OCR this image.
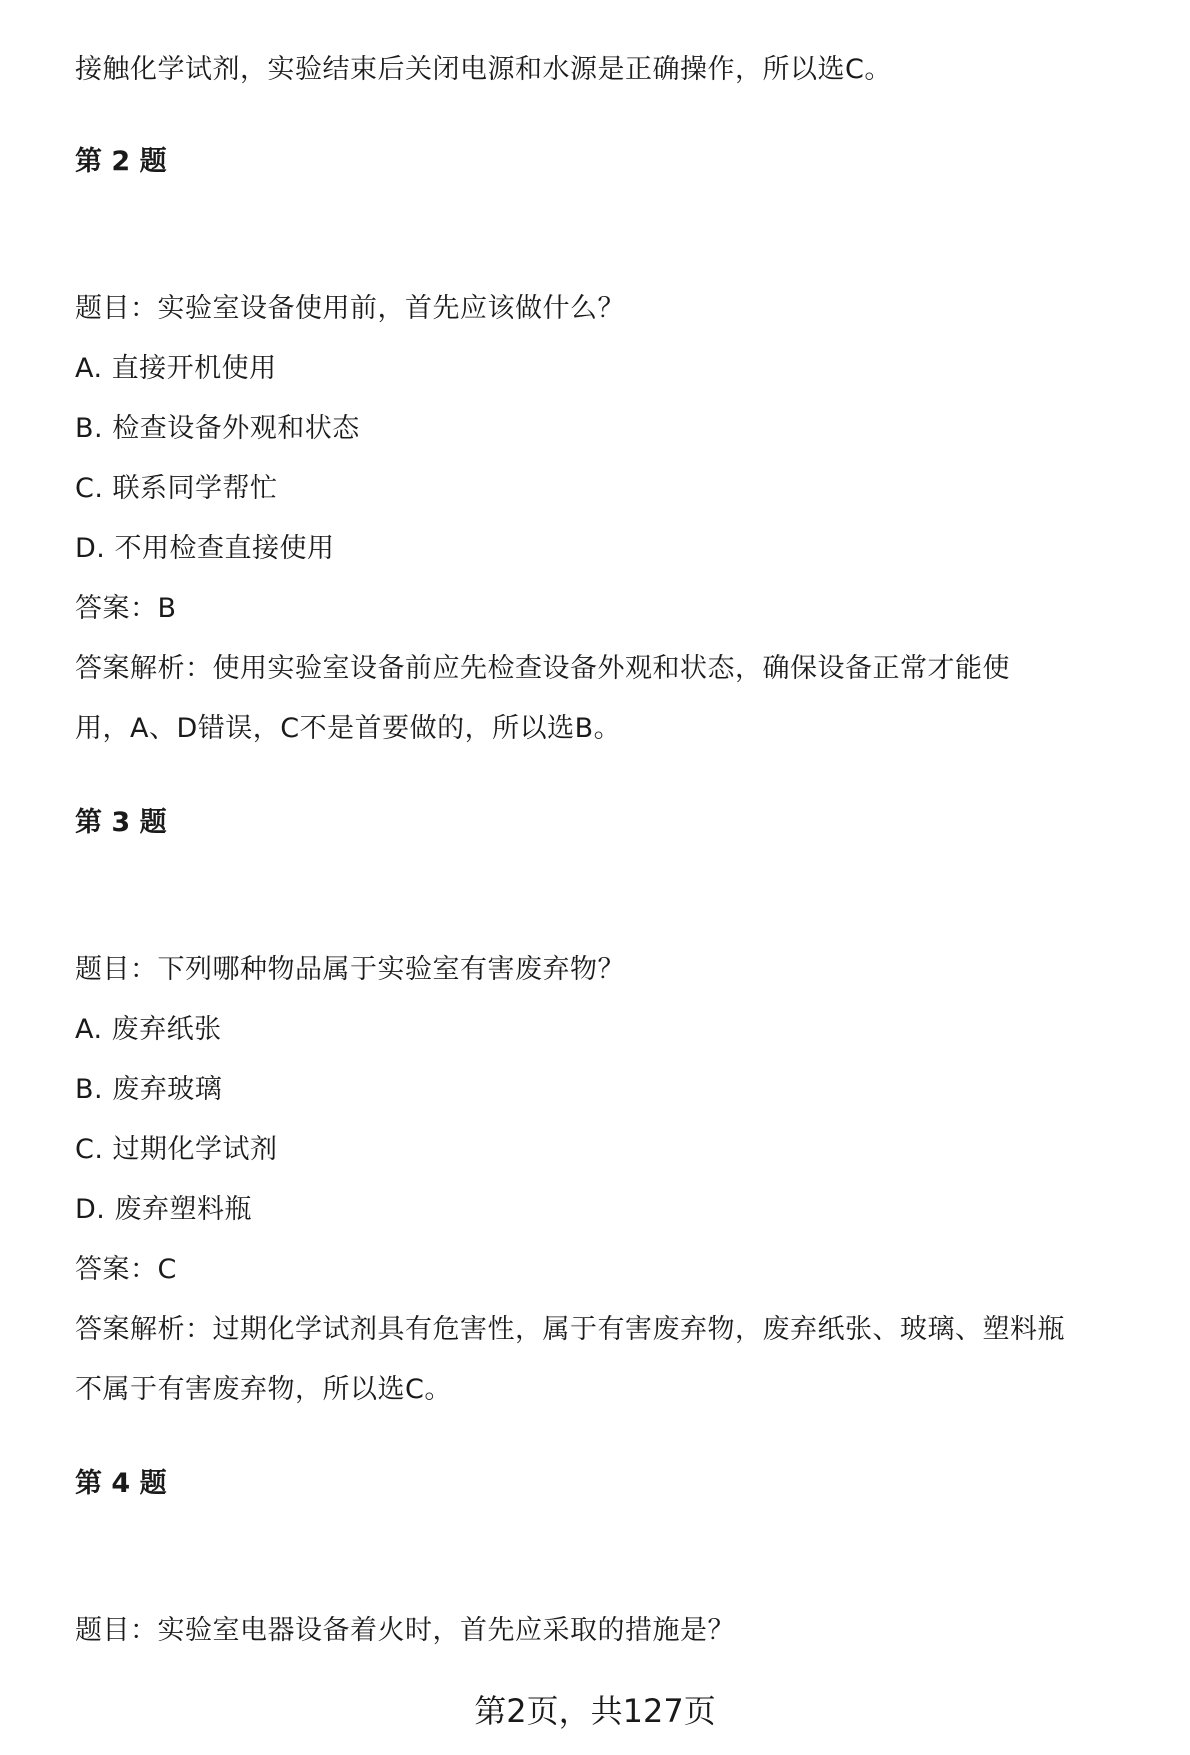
接触化学试剂，实验结束后关闭电源和水源是正确操作，所以选C。
第 2 题
题目：实验室设备使用前，首先应该做什么？
A. 直接开机使用
B. 检查设备外观和状态
C. 联系同学帮忙
D. 不用检查直接使用
答案：B
答案解析：使用实验室设备前应先检查设备外观和状态，确保设备正常才能使
用，A、D错误，C不是首要做的，所以选B。
第 3 题
题目：下列哪种物品属于实验室有害废弃物？
A. 废弃纸张
B. 废弃玻璃
C. 过期化学试剂
D. 废弃塑料瓶
答案：C
答案解析：过期化学试剂具有危害性，属于有害废弃物，废弃纸张、玻璃、塑料瓶
不属于有害废弃物，所以选C。
第 4 题
题目：实验室电器设备着火时，首先应采取的措施是？
第2页，共127页
